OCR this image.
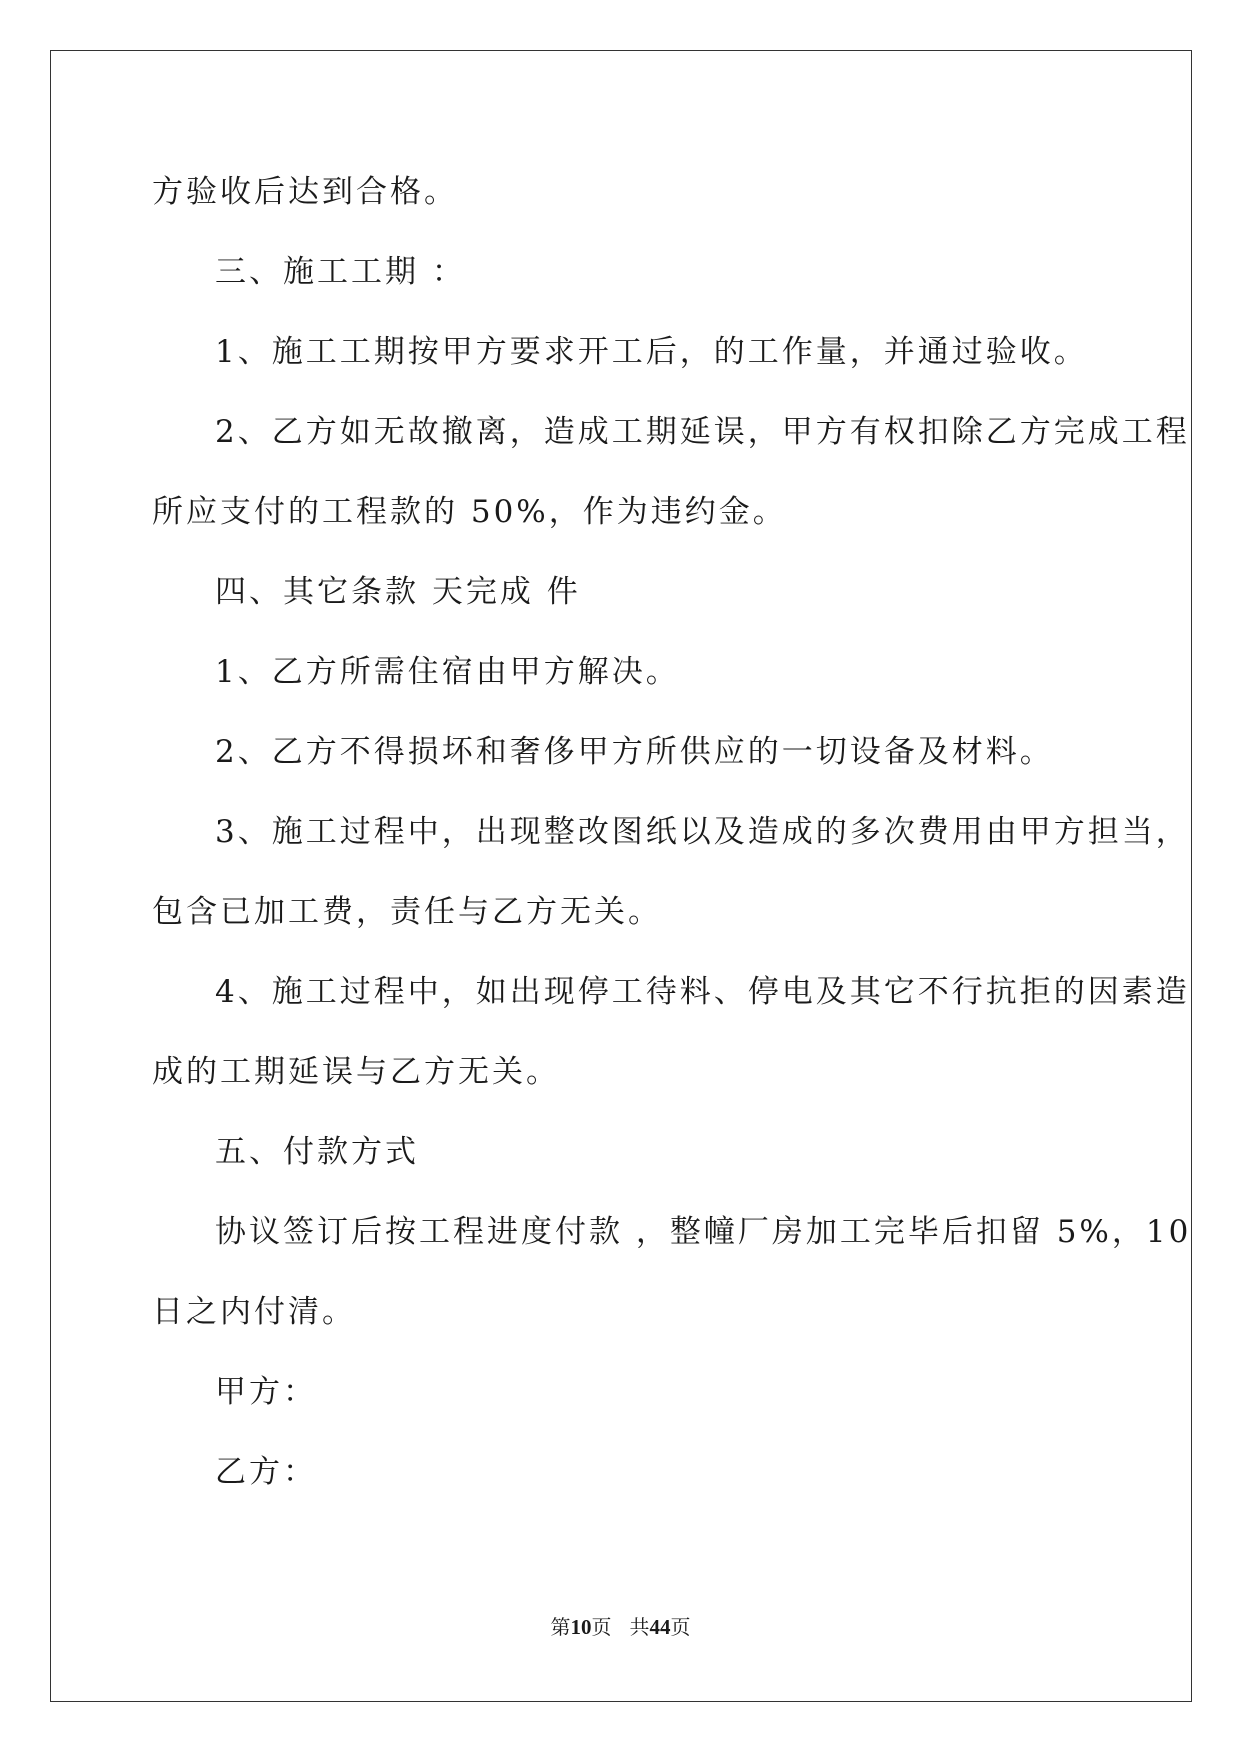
方验收后达到合格。
三、施工工期 ：
1、施工工期按甲方要求开工后，的工作量，并通过验收。
2、乙方如无故撤离，造成工期延误，甲方有权扣除乙方完成工程
所应支付的工程款的 50%，作为违约金。
四、其它条款 天完成 件
1、乙方所需住宿由甲方解决。
2、乙方不得损坏和奢侈甲方所供应的一切设备及材料。
3、施工过程中，出现整改图纸以及造成的多次费用由甲方担当，
包含已加工费，责任与乙方无关。
4、施工过程中，如出现停工待料、停电及其它不行抗拒的因素造
成的工期延误与乙方无关。
五、付款方式
协议签订后按工程进度付款 ，整幢厂房加工完毕后扣留 5%，10
日之内付清。
甲方：
乙方：
第10页 共44页
